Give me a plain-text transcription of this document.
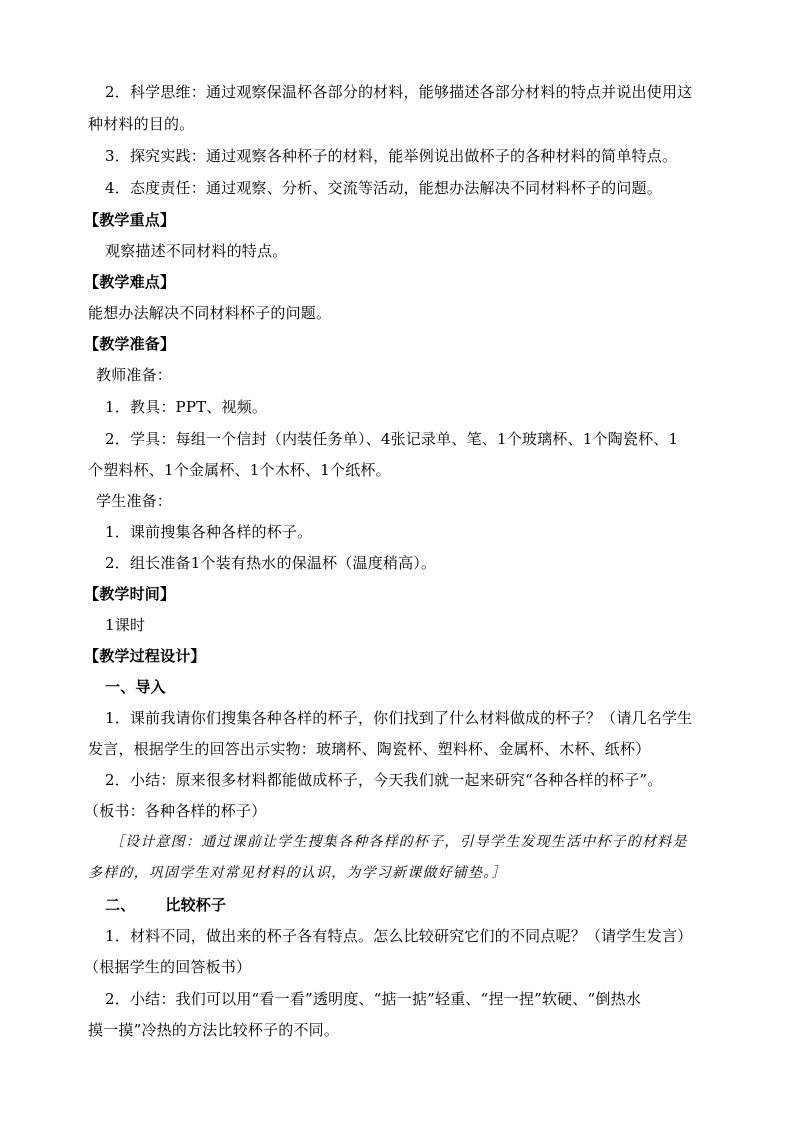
2．科学思维：通过观察保温杯各部分的材料，能够描述各部分材料的特点并说出使用这
种材料的目的。
3．探究实践：通过观察各种杯子的材料，能举例说出做杯子的各种材料的简单特点。
4．态度责任：通过观察、分析、交流等活动，能想办法解决不同材料杯子的问题。
【教学重点】
观察描述不同材料的特点。
【教学难点】
能想办法解决不同材料杯子的问题。
【教学准备】
教师准备：
1．教具：PPT、视频。
2．学具：每组一个信封（内装任务单）、4张记录单、笔、1个玻璃杯、1个陶瓷杯、1
个塑料杯、1个金属杯、1个木杯、1个纸杯。
学生准备：
1．课前搜集各种各样的杯子。
2．组长准备1个装有热水的保温杯（温度稍高）。
【教学时间】
1课时
【教学过程设计】
一、导入
1．课前我请你们搜集各种各样的杯子，你们找到了什么材料做成的杯子？（请几名学生
发言，根据学生的回答出示实物：玻璃杯、陶瓷杯、塑料杯、金属杯、木杯、纸杯）
2．小结：原来很多材料都能做成杯子，今天我们就一起来研究“各种各样的杯子”。
（板书：各种各样的杯子）
［设计意图：通过课前让学生搜集各种各样的杯子，引导学生发现生活中杯子的材料是
多样的，巩固学生对常见材料的认识，为学习新课做好铺垫。］
二、 比较杯子
1．材料不同，做出来的杯子各有特点。怎么比较研究它们的不同点呢？（请学生发言）
（根据学生的回答板书）
2．小结：我们可以用“看一看”透明度、“掂一掂”轻重、“捏一捏”软硬、“倒热水
摸一摸”冷热的方法比较杯子的不同。
